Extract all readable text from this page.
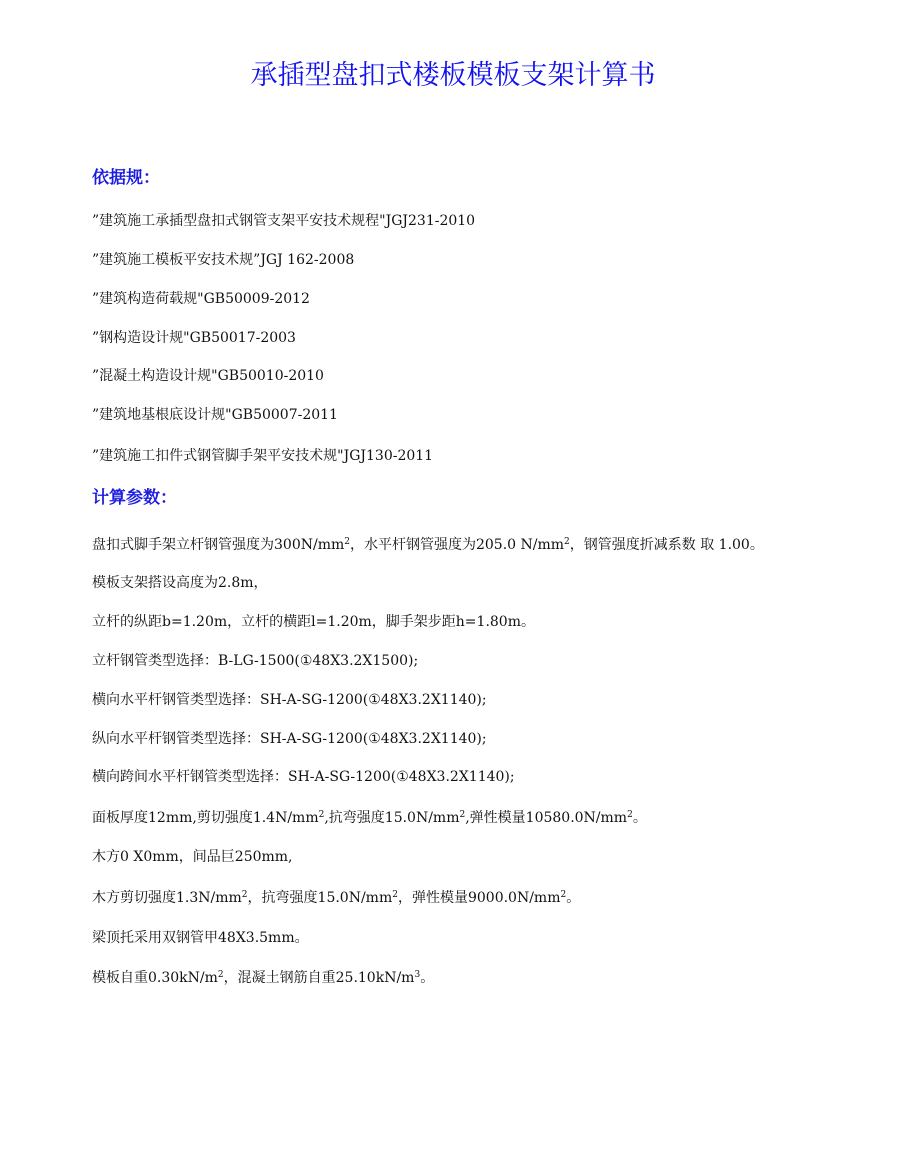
承插型盘扣式楼板模板支架计算书
依据规：

”建筑施工承插型盘扣式钢管支架平安技术规程"JGJ231-2010

”建筑施工模板平安技术规”JGJ 162-2008

”建筑构造荷载规"GB50009-2012

”钢构造设计规"GB50017-2003

”混凝土构造设计规"GB50010-2010

”建筑地基根底设计规"GB50007-2011

”建筑施工扣件式钢管脚手架平安技术规"JGJ130-2011

计算参数：

盘扣式脚手架立杆钢管强度为$300N/mm^2$，水平杆钢管强度为205.0 $N/mm^2$，钢管强度折减系数 取 1.00。

模板支架搭设高度为2.8m，

立杆的纵距b=1.20m，立杆的横距l=1.20m，脚手架步距h=1.80m。

立杆钢管类型选择：B-LG-1500(①48X3.2X1500);

横向水平杆钢管类型选择：SH-A-SG-1200(①48X3.2X1140);

纵向水平杆钢管类型选择：SH-A-SG-1200(①48X3.2X1140);

横向跨间水平杆钢管类型选择：SH-A-SG-1200(①48X3.2X1140);

面板厚度12mm,剪切强度$1.4N/mm^2$,抗弯强度$15.0N/mm^2$,弹性模量$10580.0N/mm^2$。

木方0 X0mm，间品巨250mm,

木方剪切强度$1.3N/mm^2$，抗弯强度$15.0N/mm^2$，弹性模量$9000.0N/mm^2$。

梁顶托采用双钢管甲48X3.5mm。

模板自重$0.30kN/m^2$，混凝土钢筋自重$25.10kN/m^3$。
